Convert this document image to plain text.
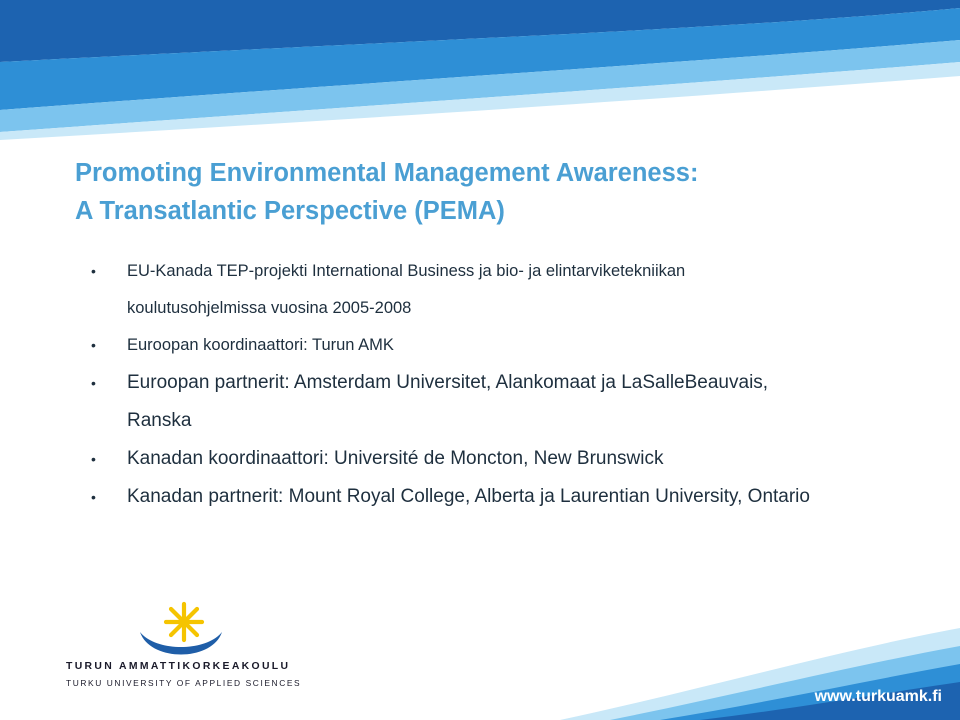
Promoting Environmental Management Awareness:
A Transatlantic Perspective (PEMA)
• EU-Kanada TEP-projekti International Business ja bio- ja elintarviketekniikan
koulutusohjelmissa vuosina 2005-2008
• Euroopan koordinaattori: Turun AMK
• Euroopan partnerit: Amsterdam Universitet, Alankomaat ja LaSalleBeauvais,
Ranska
• Kanadan koordinaattori: Université de Moncton, New Brunswick
• Kanadan partnerit: Mount Royal College, Alberta ja Laurentian University, Ontario
TURUN AMMATTIKORKEAKOULU
TURKU UNIVERSITY OF APPLIED SCIENCES
www.turkuamk.fi
